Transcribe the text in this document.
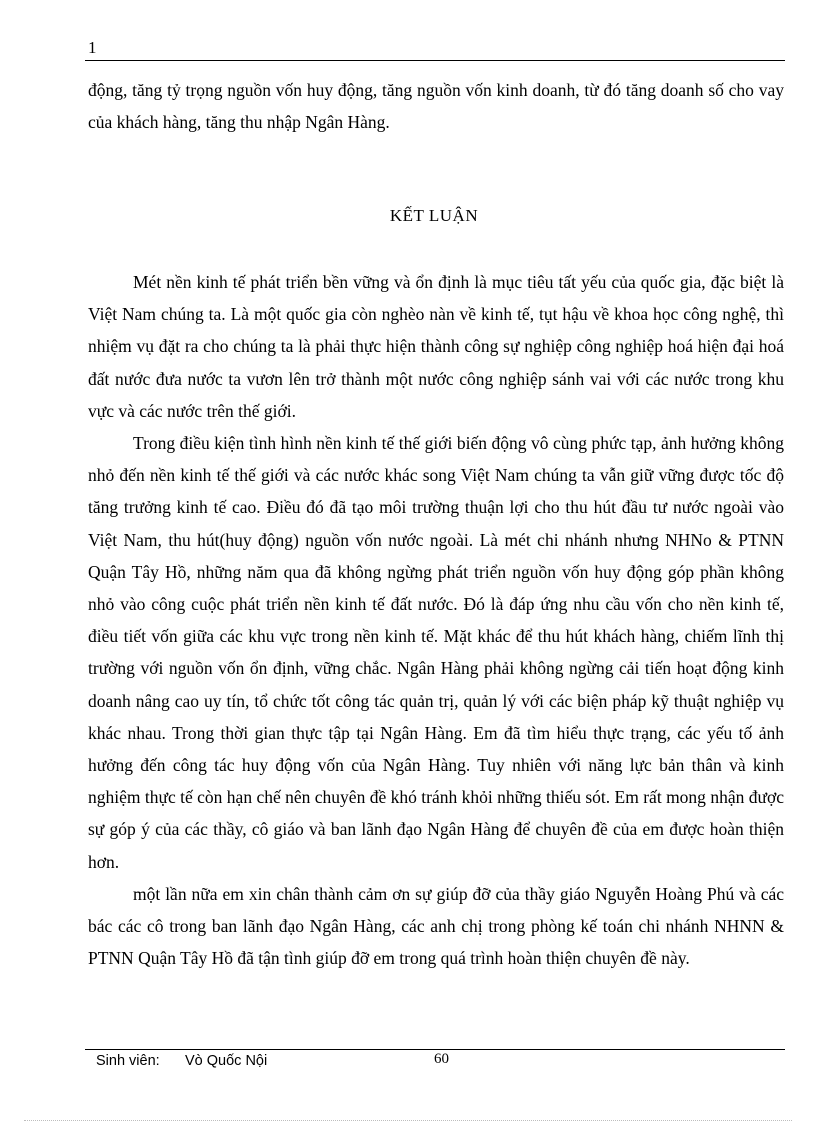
1

động, tăng tỷ trọng nguồn vốn huy động, tăng nguồn vốn kinh doanh, từ đó tăng doanh số cho vay của khách hàng, tăng thu nhập Ngân Hàng.

KẾT LUẬN

Mét nền kinh tế phát triển bền vững và ổn định là mục tiêu tất yếu của quốc gia, đặc biệt là Việt Nam chúng ta. Là một quốc gia còn nghèo nàn về kinh tế, tụt hậu về khoa học công nghệ, thì nhiệm vụ đặt ra cho chúng ta là phải thực hiện thành công sự nghiệp công nghiệp hoá hiện đại hoá đất nước đưa nước ta vươn lên trở thành một nước công nghiệp sánh vai với các nước trong khu vực và các nước trên thế giới.

Trong điều kiện tình hình nền kinh tế thế giới biến động vô cùng phức tạp, ảnh hưởng không nhỏ đến nền kinh tế thế giới và các nước khác song Việt Nam chúng ta vẫn giữ vững được tốc độ tăng trưởng kinh tế cao. Điều đó đã tạo môi trường thuận lợi cho thu hút đầu tư nước ngoài vào Việt Nam, thu hút(huy động) nguồn vốn nước ngoài. Là mét chi nhánh nhưng NHNo & PTNN Quận Tây Hồ, những năm qua đã không ngừng phát triển nguồn vốn huy động góp phần không nhỏ vào công cuộc phát triển nền kinh tế đất nước. Đó là đáp ứng nhu cầu vốn cho nền kinh tế, điều tiết vốn giữa các khu vực trong nền kinh tế. Mặt khác để thu hút khách hàng, chiếm lĩnh thị trường với nguồn vốn ổn định, vững chắc. Ngân Hàng phải không ngừng cải tiến hoạt động kinh doanh nâng cao uy tín, tổ chức tốt công tác quản trị, quản lý với các biện pháp kỹ thuật nghiệp vụ khác nhau. Trong thời gian thực tập tại Ngân Hàng. Em đã tìm hiểu thực trạng, các yếu tố ảnh hưởng đến công tác huy động vốn của Ngân Hàng. Tuy nhiên với năng lực bản thân và kinh nghiệm thực tế còn hạn chế nên chuyên đề khó tránh khỏi những thiếu sót. Em rất mong nhận được sự góp ý của các thầy, cô giáo và ban lãnh đạo Ngân Hàng để chuyên đề của em được hoàn thiện hơn.

một lần nữa em xin chân thành cảm ơn sự giúp đỡ của thầy giáo Nguyễn Hoàng Phú và các bác các cô trong ban lãnh đạo Ngân Hàng, các anh chị trong phòng kế toán chi nhánh NHNN & PTNN Quận Tây Hồ đã tận tình giúp đỡ em trong quá trình hoàn thiện chuyên đề này.

Sinh viên: Vò Quốc Nội	60
